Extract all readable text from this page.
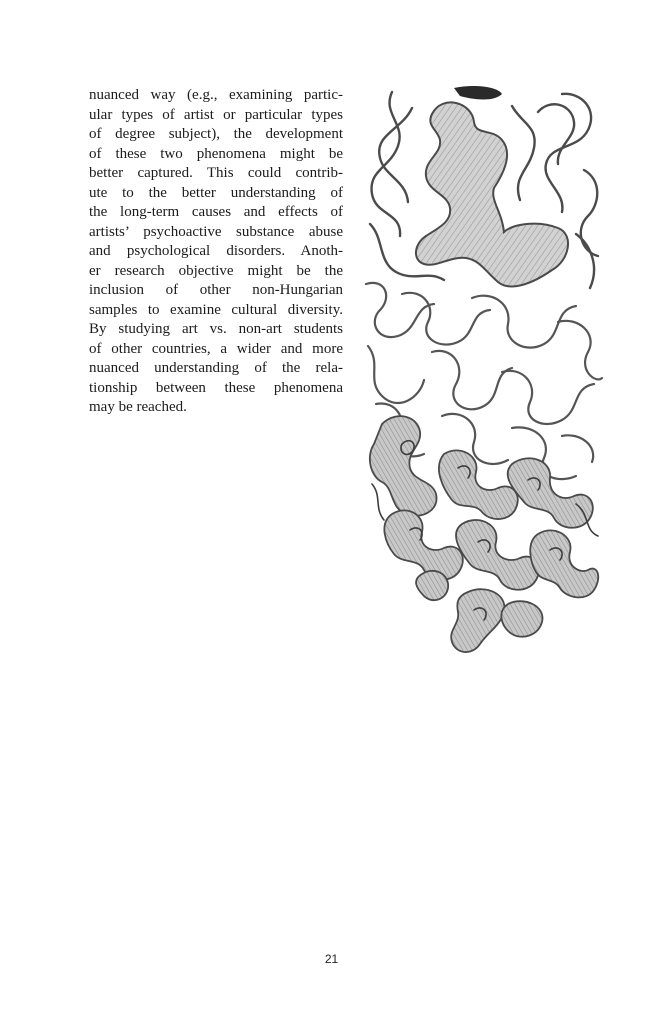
nuanced way (e.g., examining partic-
ular types of artist or particular types
of degree subject), the development
of these two phenomena might be
better captured. This could contrib-
ute to the better understanding of
the long-term causes and effects of
artists’ psychoactive substance abuse
and psychological disorders. Anoth-
er research objective might be the
inclusion of other non-Hungarian
samples to examine cultural diversity.
By studying art vs. non-art students
of other countries, a wider and more
nuanced understanding of the rela-
tionship between these phenomena
may be reached.
21
